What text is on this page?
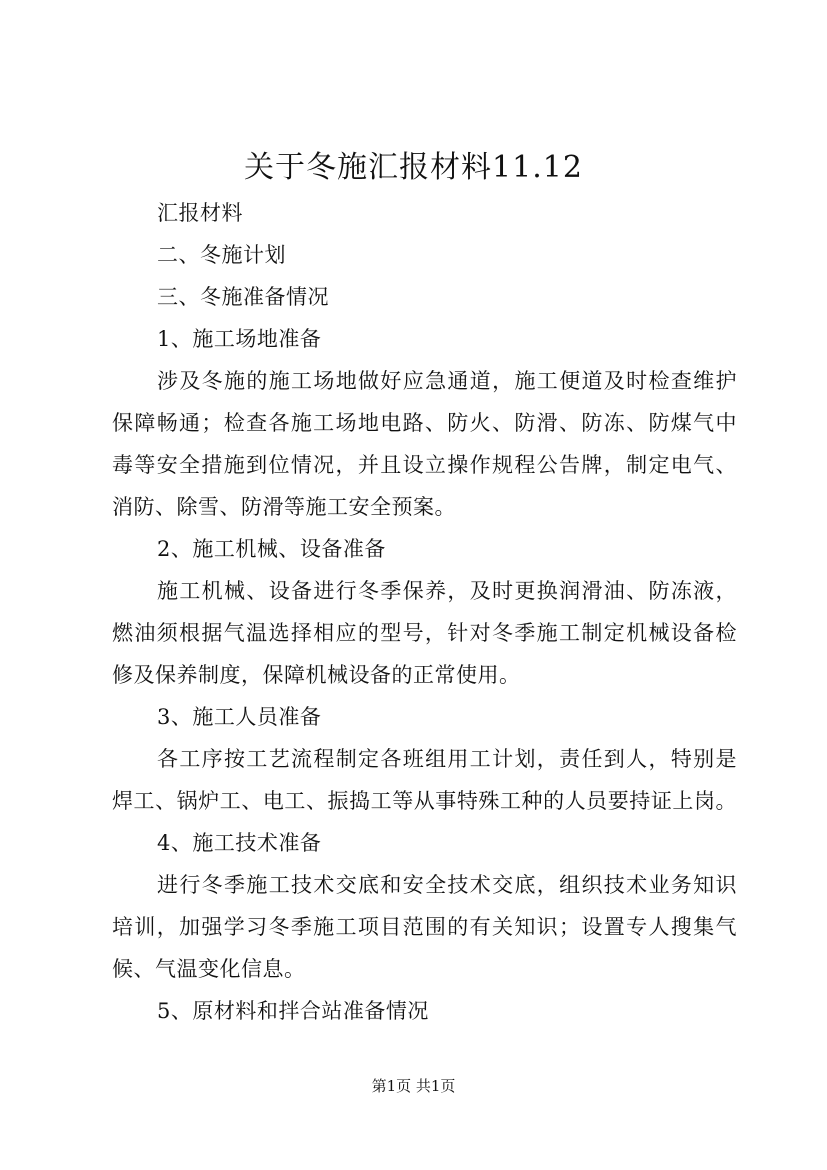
关于冬施汇报材料11.12
汇报材料
二、冬施计划
三、冬施准备情况
1、施工场地准备
涉及冬施的施工场地做好应急通道，施工便道及时检查维护
保障畅通；检查各施工场地电路、防火、防滑、防冻、防煤气中
毒等安全措施到位情况，并且设立操作规程公告牌，制定电气、
消防、除雪、防滑等施工安全预案。
2、施工机械、设备准备
施工机械、设备进行冬季保养，及时更换润滑油、防冻液，
燃油须根据气温选择相应的型号，针对冬季施工制定机械设备检
修及保养制度，保障机械设备的正常使用。
3、施工人员准备
各工序按工艺流程制定各班组用工计划，责任到人，特别是
焊工、锅炉工、电工、振捣工等从事特殊工种的人员要持证上岗。
4、施工技术准备
进行冬季施工技术交底和安全技术交底，组织技术业务知识
培训，加强学习冬季施工项目范围的有关知识；设置专人搜集气
候、气温变化信息。
5、原材料和拌合站准备情况
第1页 共1页
